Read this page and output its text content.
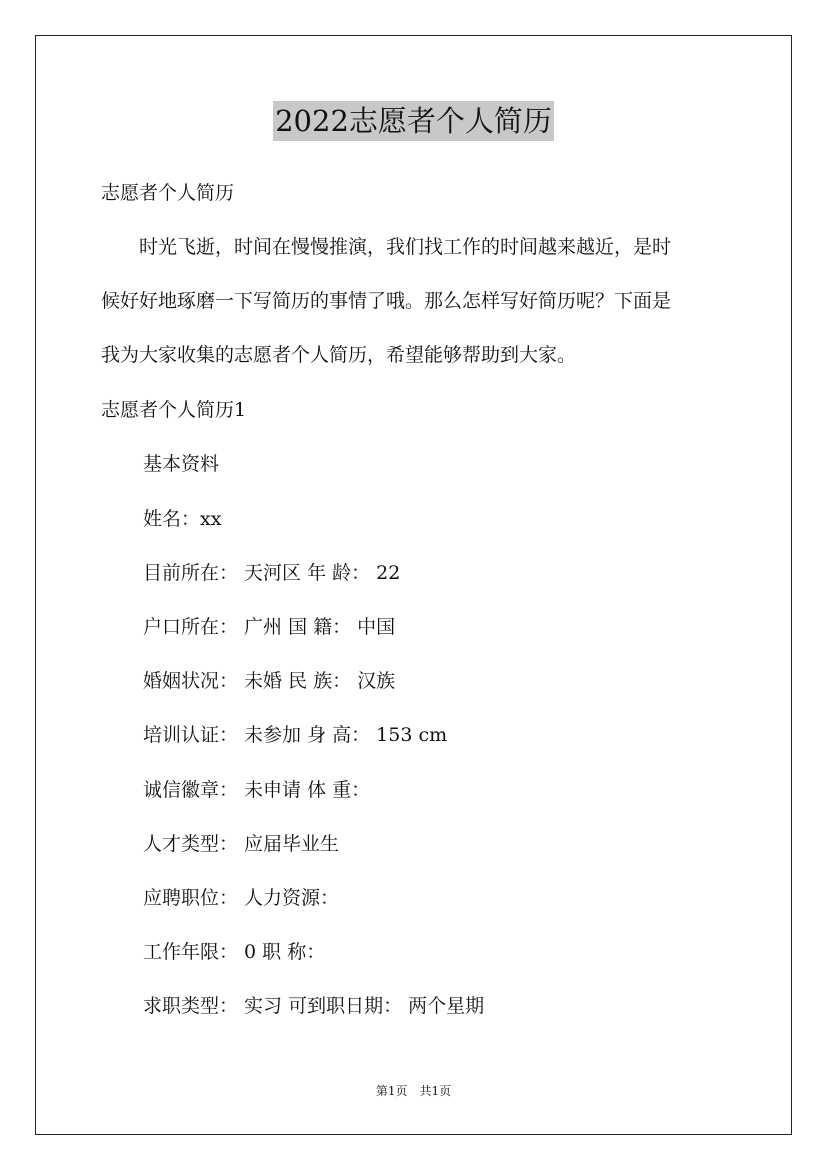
2022志愿者个人简历
志愿者个人简历
　　时光飞逝，时间在慢慢推演，我们找工作的时间越来越近，是时
候好好地琢磨一下写简历的事情了哦。那么怎样写好简历呢？下面是
我为大家收集的志愿者个人简历，希望能够帮助到大家。
志愿者个人简历1
基本资料
姓名：xx
目前所在： 天河区 年 龄： 22
户口所在： 广州 国 籍： 中国
婚姻状况： 未婚 民 族： 汉族
培训认证： 未参加 身 高： 153 cm
诚信徽章： 未申请 体 重：
人才类型： 应届毕业生
应聘职位： 人力资源：
工作年限： 0 职 称：
求职类型： 实习 可到职日期： 两个星期
第1页　共1页
